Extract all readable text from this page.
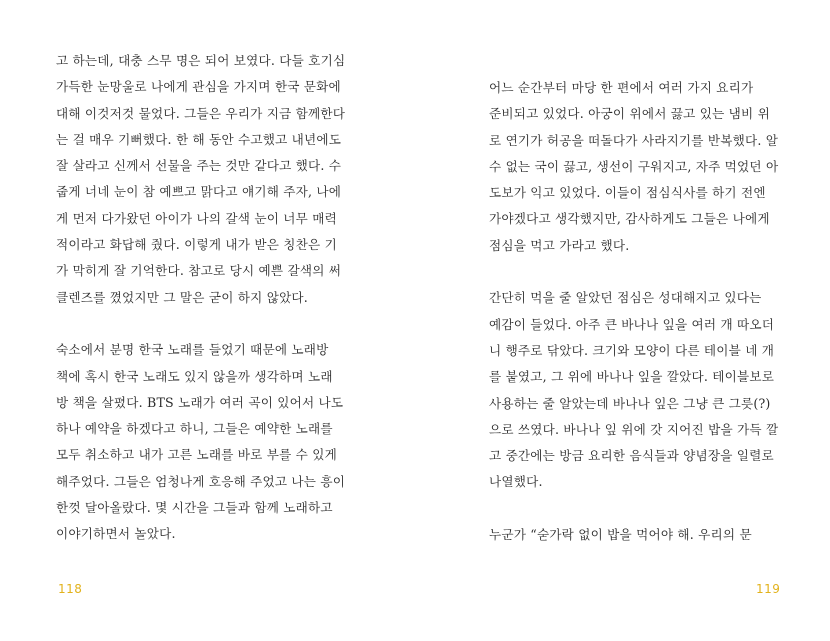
고 하는데, 대충 스무 명은 되어 보였다. 다들 호기심
가득한 눈망울로 나에게 관심을 가지며 한국 문화에
대해 이것저것 물었다. 그들은 우리가 지금 함께한다
는 걸 매우 기뻐했다. 한 해 동안 수고했고 내년에도
잘 살라고 신께서 선물을 주는 것만 같다고 했다. 수
줍게 너네 눈이 참 예쁘고 맑다고 얘기해 주자, 나에
게 먼저 다가왔던 아이가 나의 갈색 눈이 너무 매력
적이라고 화답해 줬다. 이렇게 내가 받은 칭찬은 기
가 막히게 잘 기억한다. 참고로 당시 예쁜 갈색의 써
클렌즈를 꼈었지만 그 말은 굳이 하지 않았다.
숙소에서 분명 한국 노래를 들었기 때문에 노래방
책에 혹시 한국 노래도 있지 않을까 생각하며 노래
방 책을 살폈다. BTS 노래가 여러 곡이 있어서 나도
하나 예약을 하겠다고 하니, 그들은 예약한 노래를
모두 취소하고 내가 고른 노래를 바로 부를 수 있게
해주었다. 그들은 엄청나게 호응해 주었고 나는 흥이
한껏 달아올랐다. 몇 시간을 그들과 함께 노래하고
이야기하면서 놀았다.
118
어느 순간부터 마당 한 편에서 여러 가지 요리가
준비되고 있었다. 아궁이 위에서 끓고 있는 냄비 위
로 연기가 허공을 떠돌다가 사라지기를 반복했다. 알
수 없는 국이 끓고, 생선이 구워지고, 자주 먹었던 아
도보가 익고 있었다. 이들이 점심식사를 하기 전엔
가야겠다고 생각했지만, 감사하게도 그들은 나에게
점심을 먹고 가라고 했다.
간단히 먹을 줄 알았던 점심은 성대해지고 있다는
예감이 들었다. 아주 큰 바나나 잎을 여러 개 따오더
니 행주로 닦았다. 크기와 모양이 다른 테이블 네 개
를 붙였고, 그 위에 바나나 잎을 깔았다. 테이블보로
사용하는 줄 알았는데 바나나 잎은 그냥 큰 그릇(?)
으로 쓰였다. 바나나 잎 위에 갓 지어진 밥을 가득 깔
고 중간에는 방금 요리한 음식들과 양념장을 일렬로
나열했다.
누군가 “숟가락 없이 밥을 먹어야 해. 우리의 문
119
